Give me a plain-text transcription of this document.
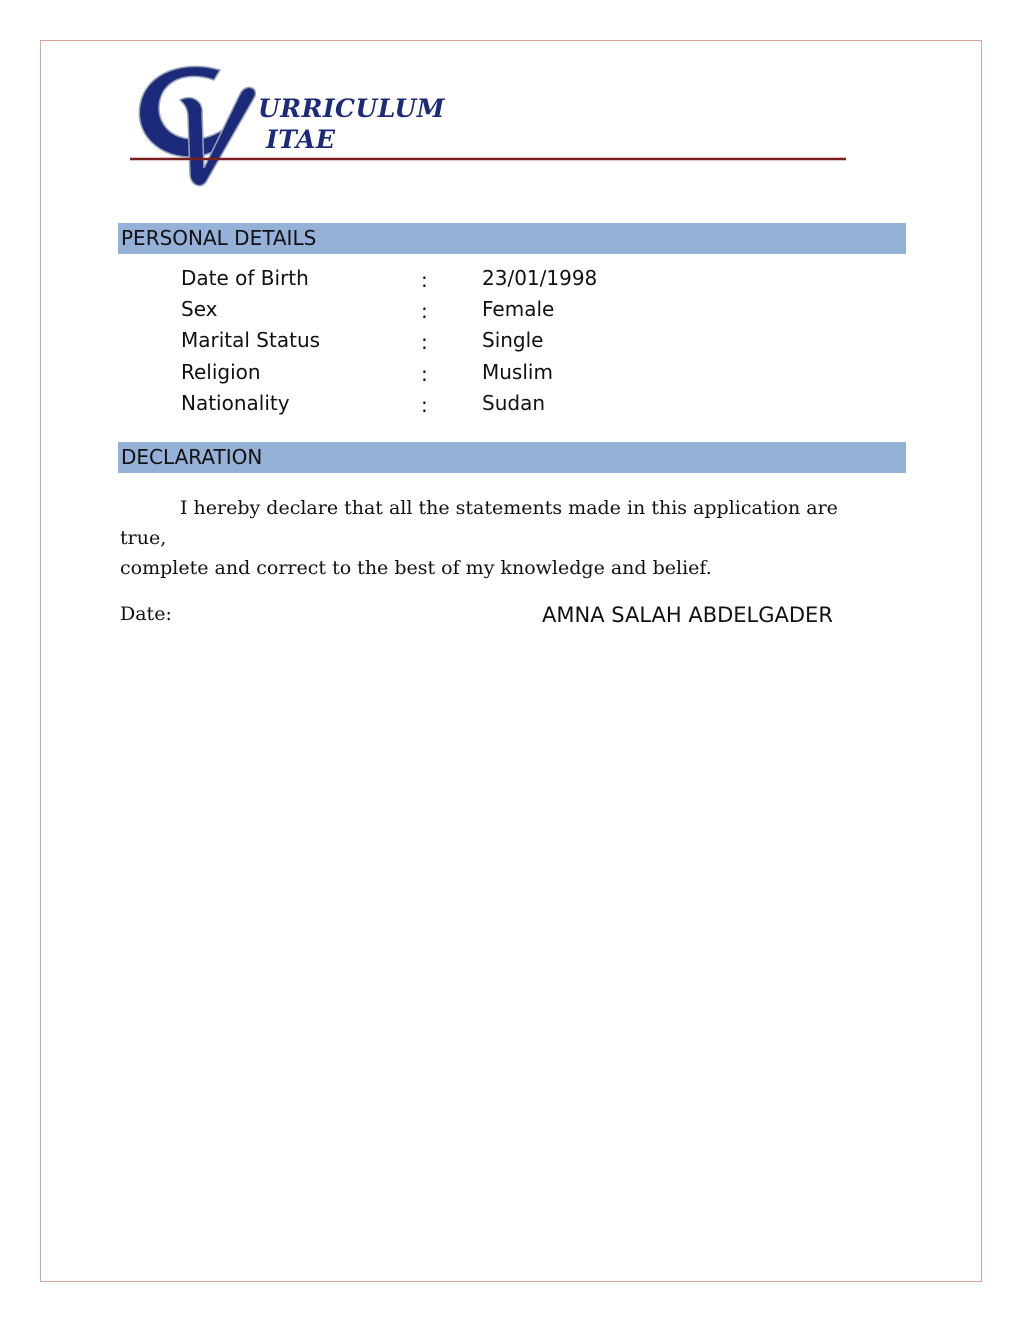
URRICULUM
ITAE
PERSONAL DETAILS
Date of Birth	:	23/01/1998
Sex	:	Female
Marital Status	:	Single
Religion	:	Muslim
Nationality	:	Sudan
DECLARATION
I hereby declare that all the statements made in this application are true,
complete and correct to the best of my knowledge and belief.
Date:	AMNA SALAH ABDELGADER
